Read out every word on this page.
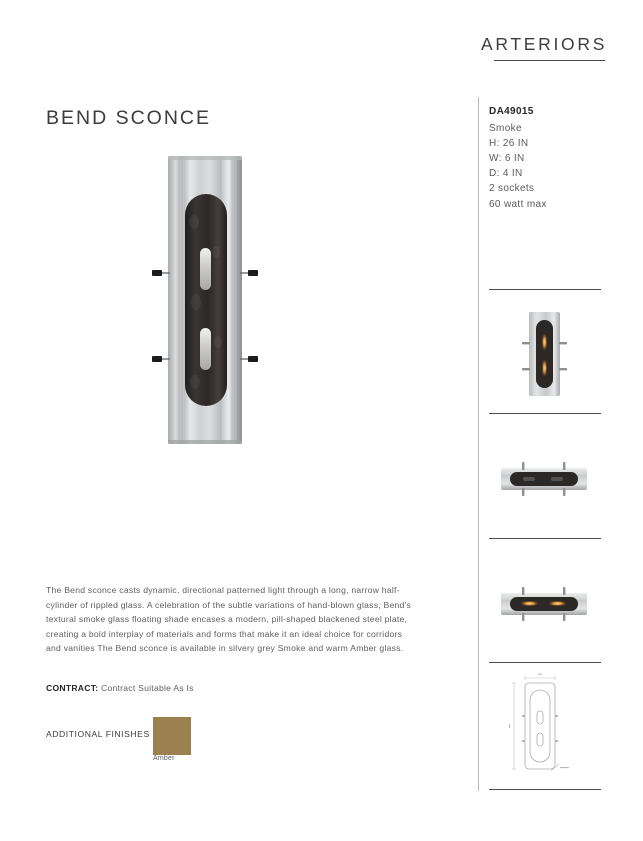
ARTERIORS
BEND SCONCE
The Bend sconce casts dynamic, directional patterned light through a long, narrow half-cylinder of rippled glass. A celebration of the subtle variations of hand-blown glass, Bend's textural smoke glass floating shade encases a modern, pill-shaped blackened steel plate, creating a bold interplay of materials and forms that make it an ideal choice for corridors and vanities The Bend sconce is available in silvery grey Smoke and warm Amber glass.
CONTRACT: Contract Suitable As Is
ADDITIONAL FINISHES
Amber
DA49015
Smoke
H: 26 IN
W: 6 IN
D: 4 IN
2 sockets
60 watt max
